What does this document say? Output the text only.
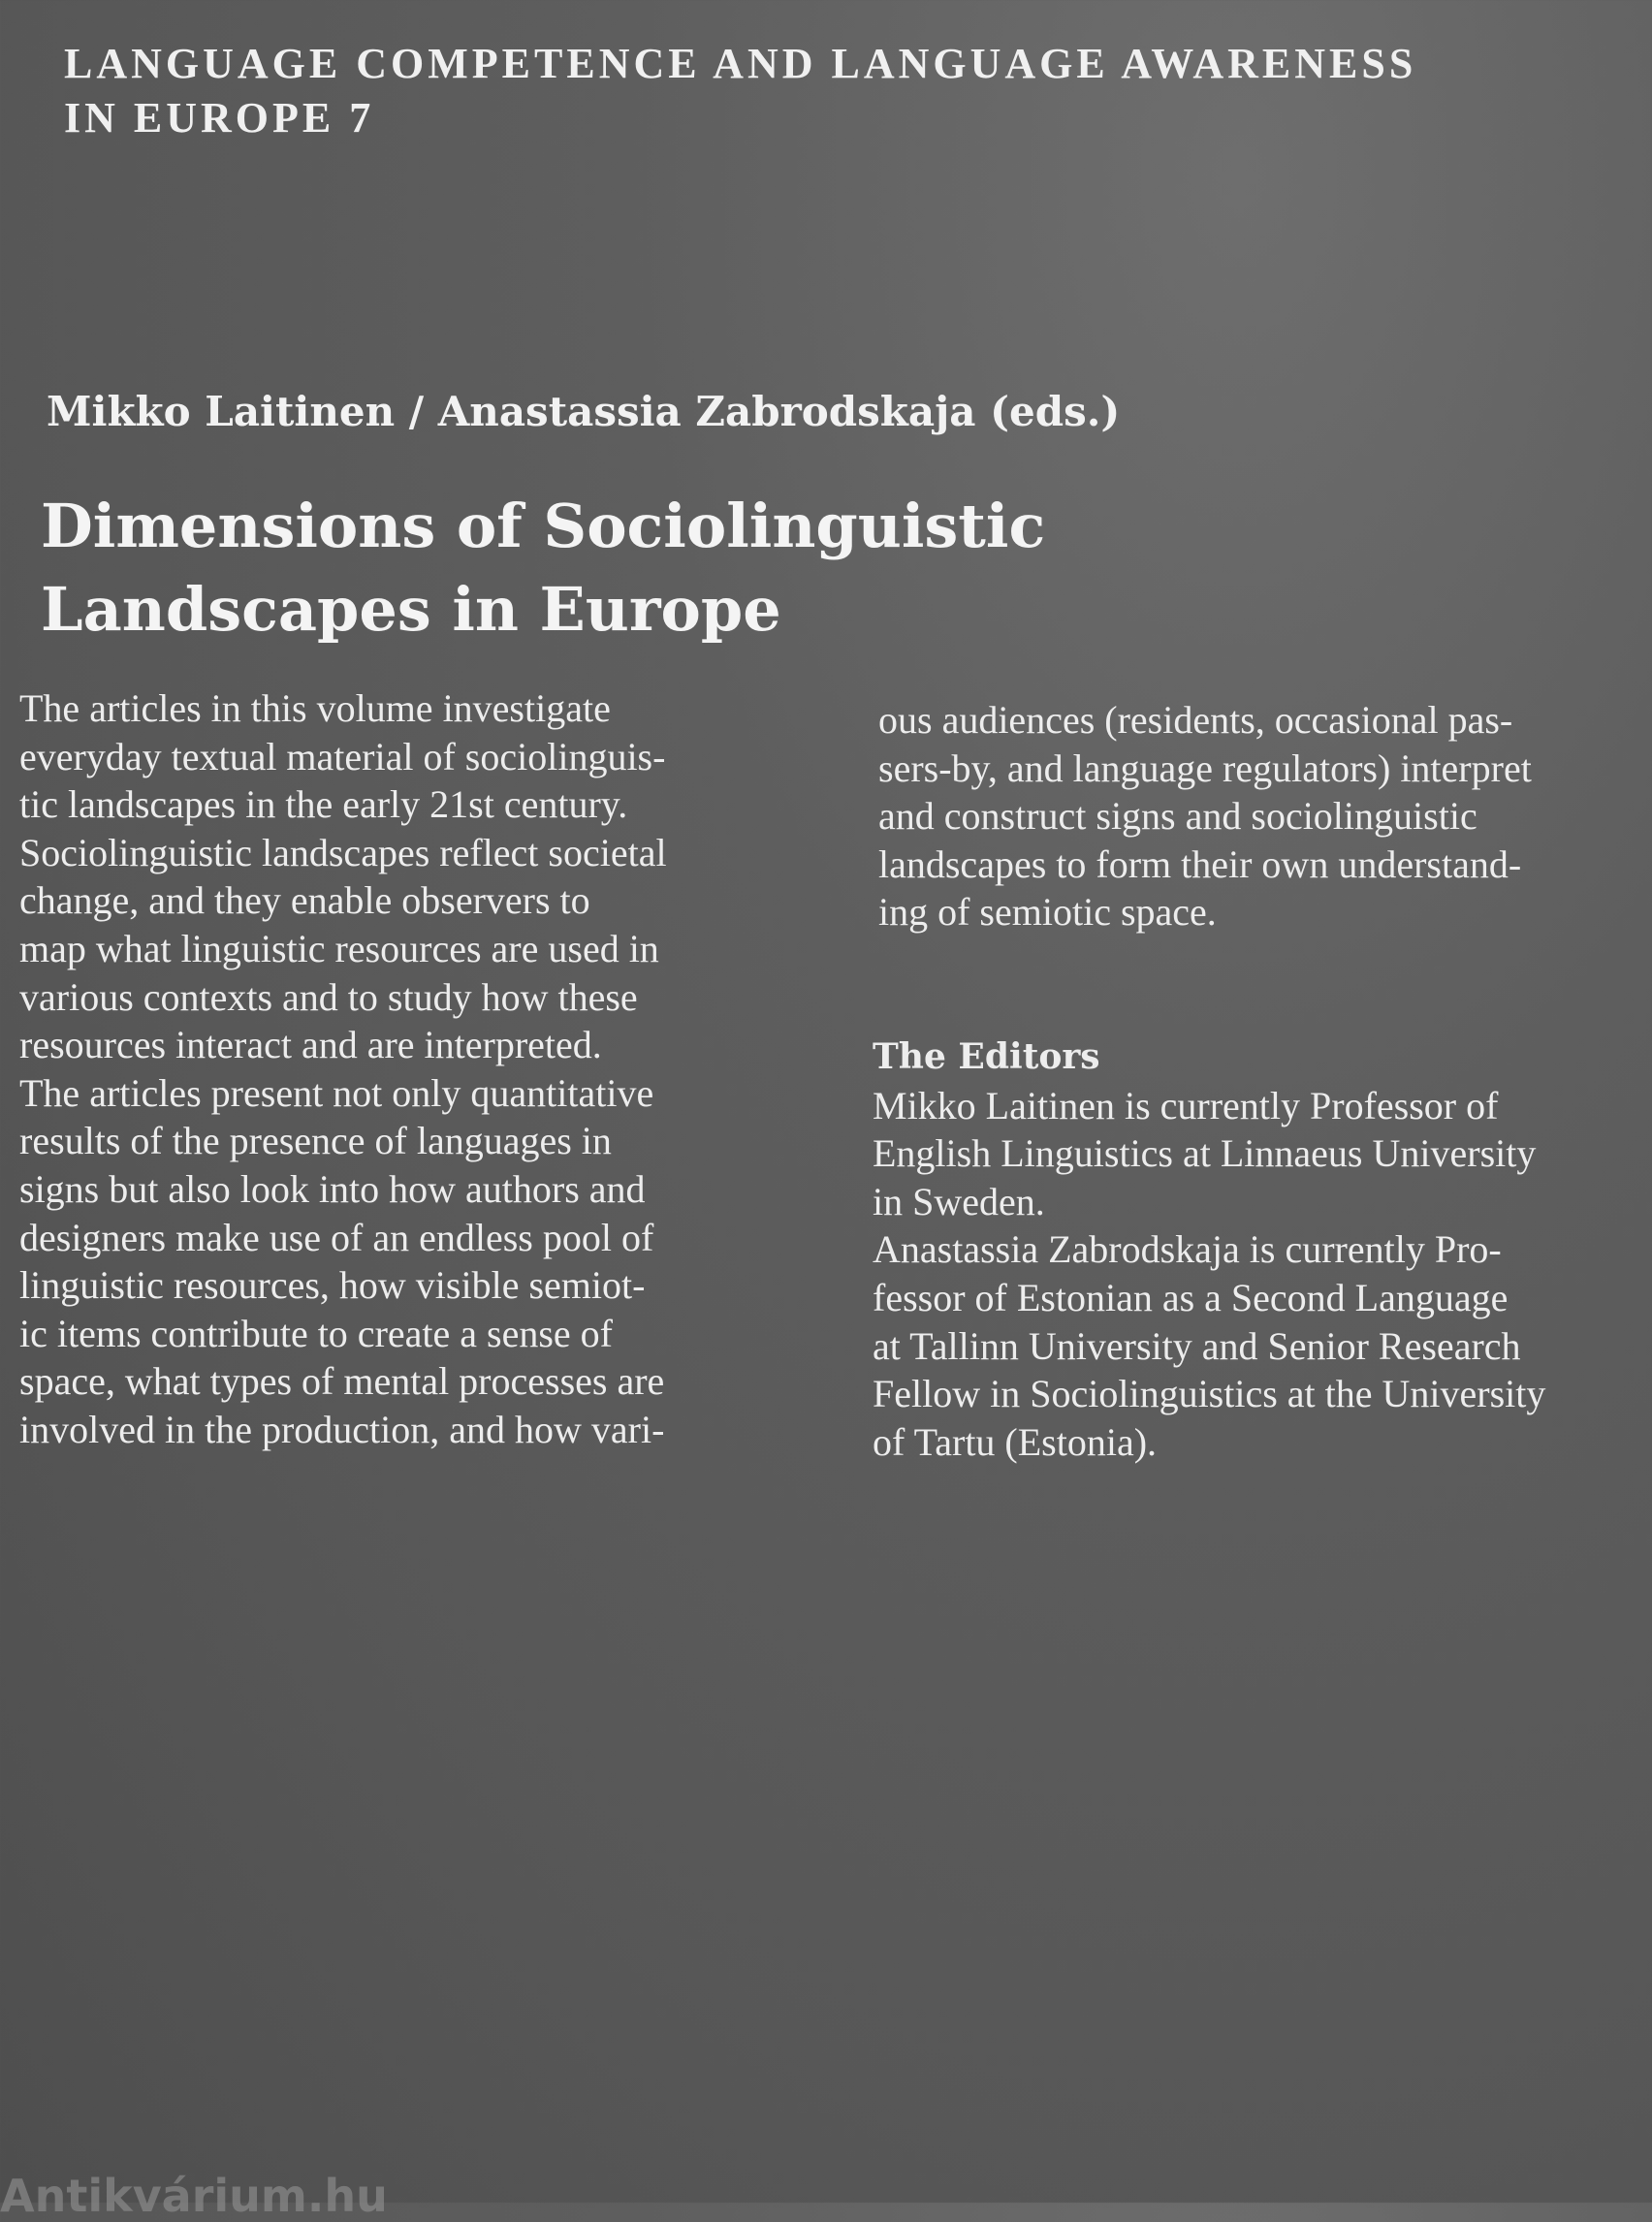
LANGUAGE COMPETENCE AND LANGUAGE AWARENESS
IN EUROPE 7

Mikko Laitinen / Anastassia Zabrodskaja (eds.)

Dimensions of Sociolinguistic
Landscapes in Europe
The articles in this volume investigate
everyday textual material of sociolinguis-
tic landscapes in the early 21st century.
Sociolinguistic landscapes reflect societal
change, and they enable observers to
map what linguistic resources are used in
various contexts and to study how these
resources interact and are interpreted.
The articles present not only quantitative
results of the presence of languages in
signs but also look into how authors and
designers make use of an endless pool of
linguistic resources, how visible semiot-
ic items contribute to create a sense of
space, what types of mental processes are
involved in the production, and how vari-
ous audiences (residents, occasional pas-
sers-by, and language regulators) interpret
and construct signs and sociolinguistic
landscapes to form their own understand-
ing of semiotic space.
The Editors
Mikko Laitinen is currently Professor of
English Linguistics at Linnaeus University
in Sweden.
Anastassia Zabrodskaja is currently Pro-
fessor of Estonian as a Second Language
at Tallinn University and Senior Research
Fellow in Sociolinguistics at the University
of Tartu (Estonia).
Antikvárium.hu
